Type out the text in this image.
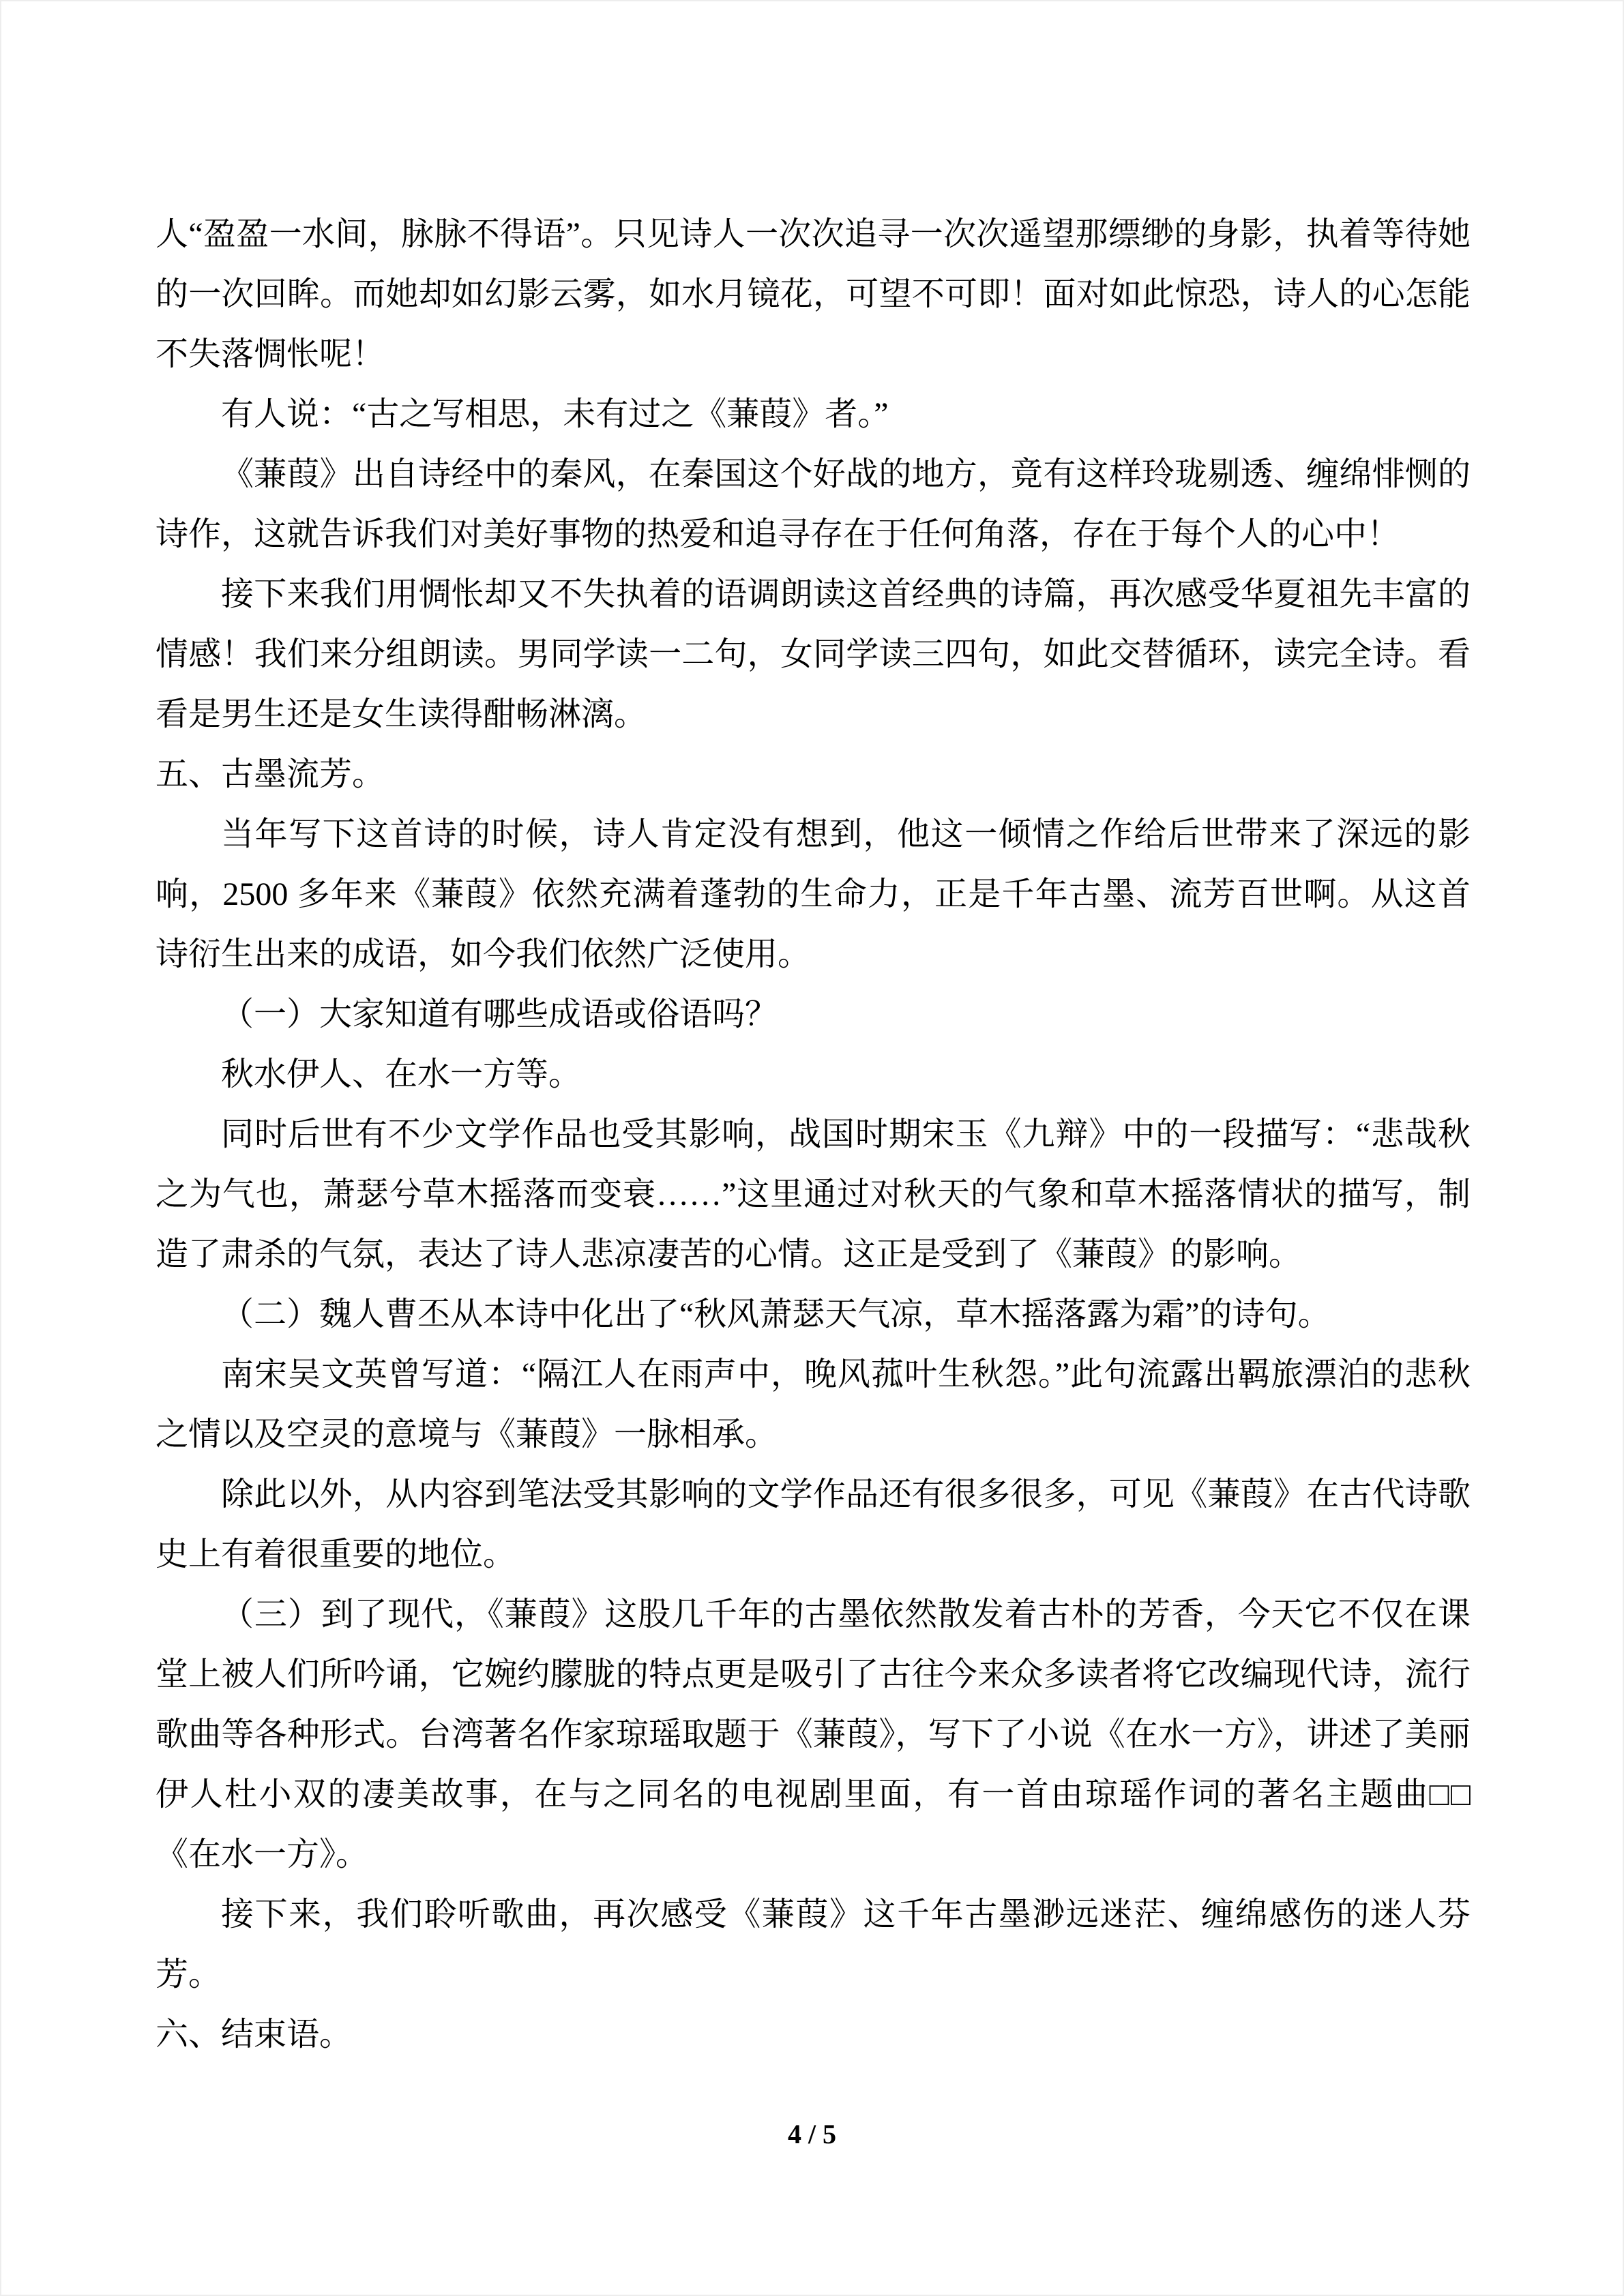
人“盈盈一水间，脉脉不得语”。只见诗人一次次追寻一次次遥望那缥缈的身影，执着等待她的一次回眸。而她却如幻影云雾，如水月镜花，可望不可即！面对如此惊恐，诗人的心怎能不失落惆怅呢！

有人说：“古之写相思，未有过之《蒹葭》者。”

《蒹葭》出自诗经中的秦风，在秦国这个好战的地方，竟有这样玲珑剔透、缠绵悱恻的诗作，这就告诉我们对美好事物的热爱和追寻存在于任何角落，存在于每个人的心中！

接下来我们用惆怅却又不失执着的语调朗读这首经典的诗篇，再次感受华夏祖先丰富的情感！我们来分组朗读。男同学读一二句，女同学读三四句，如此交替循环，读完全诗。看看是男生还是女生读得酣畅淋漓。

五、古墨流芳。

当年写下这首诗的时候，诗人肯定没有想到，他这一倾情之作给后世带来了深远的影响，2500 多年来《蒹葭》依然充满着蓬勃的生命力，正是千年古墨、流芳百世啊。从这首诗衍生出来的成语，如今我们依然广泛使用。

（一）大家知道有哪些成语或俗语吗？

秋水伊人、在水一方等。

同时后世有不少文学作品也受其影响，战国时期宋玉《九辩》中的一段描写：“悲哉秋之为气也，萧瑟兮草木摇落而变衰……”这里通过对秋天的气象和草木摇落情状的描写，制造了肃杀的气氛，表达了诗人悲凉凄苦的心情。这正是受到了《蒹葭》的影响。

（二）魏人曹丕从本诗中化出了“秋风萧瑟天气凉，草木摇落露为霜”的诗句。

南宋吴文英曾写道：“隔江人在雨声中，晚风菰叶生秋怨。”此句流露出羁旅漂泊的悲秋之情以及空灵的意境与《蒹葭》一脉相承。

除此以外，从内容到笔法受其影响的文学作品还有很多很多，可见《蒹葭》在古代诗歌史上有着很重要的地位。

（三）到了现代，《蒹葭》这股几千年的古墨依然散发着古朴的芳香，今天它不仅在课堂上被人们所吟诵，它婉约朦胧的特点更是吸引了古往今来众多读者将它改编现代诗，流行歌曲等各种形式。台湾著名作家琼瑶取题于《蒹葭》，写下了小说《在水一方》，讲述了美丽伊人杜小双的凄美故事，在与之同名的电视剧里面，有一首由琼瑶作词的著名主题曲□□《在水一方》。

接下来，我们聆听歌曲，再次感受《蒹葭》这千年古墨渺远迷茫、缠绵感伤的迷人芬芳。

六、结束语。

4 / 5
